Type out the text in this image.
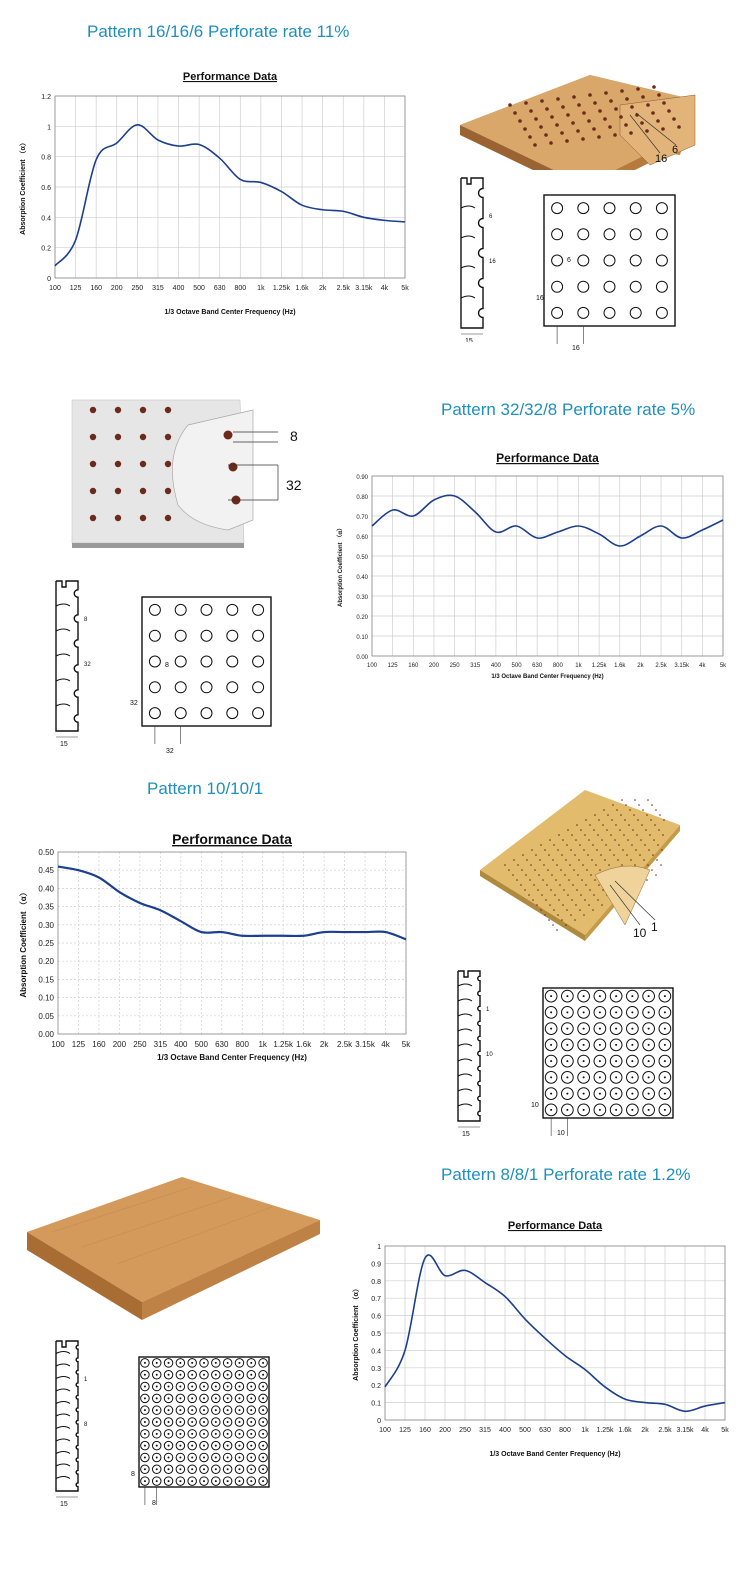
Pattern 16/16/6 Perforate rate 11%
Pattern 32/32/8 Perforate rate 5%
Pattern 10/10/1
Pattern 8/8/1 Perforate rate 1.2%
Performance Data
0
0.2
0.4
0.6
0.8
1
1.2
100 125 160 200 250 315 400 500 630 800 1k 1.25k 1.6k 2k 2.5k 3.15k 4k 5k
1/3 Octave Band Center Frequency (Hz)
Absorption Coefficient （α）
Performance Data
0.00
0.10
0.20
0.30
0.40
0.50
0.60
0.70
0.80
0.90
100 125 160 200 250 315 400 500 630 800 1k 1.25k 1.6k 2k 2.5k 3.15k 4k 5k
1/3 Octave Band Center Frequency (Hz)
Absorption Coefficient （α）
Performance Data
0.00
0.05
0.10
0.15
0.20
0.25
0.30
0.35
0.40
0.45
0.50
100 125 160 200 250 315 400 500 630 800 1k 1.25k 1.6k 2k 2.5k 3.15k 4k 5k
1/3 Octave Band Center Frequency (Hz)
Absorption Coefficient （α）
Performance Data
0
0.1
0.2
0.3
0.4
0.5
0.6
0.7
0.8
0.9
1
100 125 160 200 250 315 400 500 630 800 1k 1.25k 1.6k 2k 2.5k 3.15k 4k 5k
1/3 Octave Band Center Frequency (Hz)
Absorption Coefficient （α）
16
6
8
32
10 1
15
6
16
15
8
32
15
1
10
15
1
8
6
16
16
8
32
32
10
10
8
8
